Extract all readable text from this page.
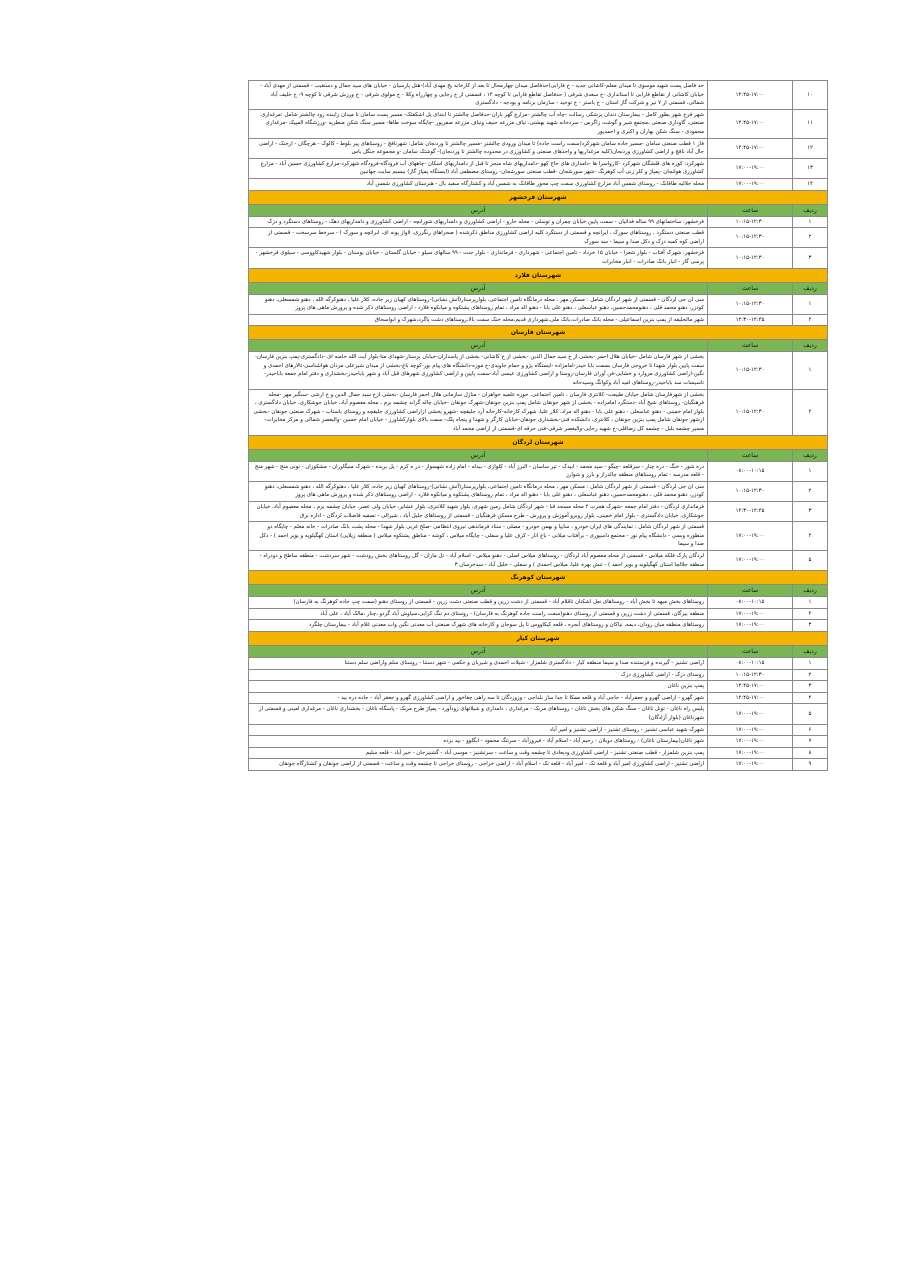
۱۰	۱۴:۴۵-۱۷:۰۰	حد فاصل پست شهید موسوی تا میدان معلم-کاشانی جدید - خ فارابی(حدفاصل میدان چهارمحال تا بعد از کارخانه یخ مهدی آباد)-هتل پارسیان - خیابان های سید جمال و دستغیب - قسمتی از مهدی آباد - خیابان کاشانی از تقاطع فارابی تا استانداری -خ سعدی شرقی ( حدفاصل تقاطع فارابی تا کوچه ۱۴ ، قسمتی از خ رجایی و چهارراه وکلا - خ مولوی شرقی - خ ورزش شرقی تا کوچه ۹- خ خلیف آباد شمالی، قسمتی از ۷ تیر و شرکت گاز استان - خ باستر - خ توحید - سازمان برنامه و بودجه - دادگستری
۱۱	۱۴:۴۵-۱۷:۰۰	شهر فرخ شهر بطور کامل - بیمارستان دندان پزشکی رسالت -چاه آب چالشتر -مزارع گهر باران-حدفاصل چالشتر تا ابتدای پل اشکفتک- مسیر پست سامان تا میدان زاینده رود چالشتر شامل :مرغداری صنعتی، گاوداری صنعتی ،مجتمع شیر و گوشت زاگرس - سردخانه شهید بهشتی، تیاف مزرعه حنیف وتیاف مزرعه صفرپور -چایگاه سوخت طاها- مسیر سنگ شکن منظریه -ورزشگاه المپیک -مرغداری محمودی - سنگ شکن بهاران و اکبری و احمدپور
۱۲	۱۴:۴۵-۱۷:۰۰	فاز ۱ قطب صنعتی سامان -مسیر جاده سامان شهرکرد(سمت راست جاده) تا میدان ورودی چالشتر -مسیر چالشتر تا وردنجان شامل: شهرنافچ - روستاهای پیر بلوط - کالوک - هرچگان - ارجنک - اراضی جال آباد نافچ و اراضی کشاورزی وردنجان(کلیه مرغداریها و واحدهای صنعتی و کشاورزی در محدوده چالشتر تا وردنجان)- گوشتک سامان -و مجموعه جنگل یاس
۱۳	۱۷:۰۰-۱۹:۰۰	شهرکرد: کوره های قلشگان شهرکرد -کارواسرا ها -دامداری های حاج کهو -دامداریهای شاه منجر تا قبل از دامداریهای اسکان -چاههای آب فرودگاه-فرودگاه شهرکرد-مزارع کشاورزی حسین آباد - مزارع کشاورزی هولنجان -پمپاژ و کلر زنی آب کوهرنگ -شهر سورشجان -قطب صنعتی سورشجان- روستای مصطفی آباد (ایستگاه پمپاژ گاز) بیسیم سایت جهانبین
۱۴	۱۷:۰۰-۱۹:۰۰	محله جلالیه طاقانک - روستای شمس آباد مزارع کشاورزی سمت چپ محور طاقانک به شمس آباد و کشتارگاه سفید بال - هنرستان کشاورزی شمس آباد
شهرستان فرخشهر		
ردیف	ساعت	آدرس
۱	۱۰:۱۵-۱۲:۳۰	فرخشهر: ساختمانهای ۹۹ ساله فدائیان - سمت پایین خیابان چمران و توسلی - محله خارو - اراضی کشاورزی و دامداریهای شورابچه - اراضی کشاورزی و دامداریهای دهک - روستاهای دستگرد و دزک
۲	۱۰:۱۵-۱۲:۳۰	قطب صنعتی دستگرد ، روستاهای سورک ، ایرانچه و قسمتی از دستگرد کلیه اراضی کشاورزی مناطق ذکرشده ( صحراهای رنگرزی، لاواز پونه ای، ابراتچه و سورک ) - سرخط سرسخت - قسمتی از اراضی کوه کمبه دزک و دکل صدا و سیما - سد سورک
۳	۱۰:۱۵-۱۲:۳۰	فرخشهر: شهرک آفتاب - بلوار شعرا - خیابان ۱۵ خرداد - تامین اجتماعی - شهرداری - فرمانداری - بلوار جنت - ۹۹ سالهای سیلو - خیابان گلستان - خیابان بوستان - بلوار شهیدکاووسی - سیلوی فرخشهر - پرسی گاز - انبار بانک صادرات - انبار مخابرات
شهرستان فلارد		
ردیف	ساعت	آدرس
۱	۱۰:۱۵-۱۲:۳۰	سی ان جی لردگان - قسمتی از شهر لردگان شامل : مسکن مهر ، محله درمانگاه تامین اجتماعی، بلوارپرستار(آتش نشانی)-روستاهای کهیان زیر جاده، کلار علیا ، دهنوکرگه الله ، دهنو شمسعلی، دهنو کودزر، دهنو محمد قلی ، دهنومحمدحسین، دهنو عباسعلی ، دهنو علی بابا - دهنو اله مراد ، تمام روستاهای پشتکوه و میانکوه فلارد - اراضی روستاهای ذکر شده و پرورش ماهی های پروز
۲	۱۲:۳۰-۱۴:۴۵	شهر مالخلیفه از پمپ بنزین اسماعیلی - محله بانک صادرات،بانک ملی،شهرداری قدیم،محله خنک سمت بالا،روستاهای دشت پاگرد،شهرک و ابواسحاق
شهرستان فارسان		
ردیف	ساعت	آدرس
۱	۱۰:۱۵-۱۲:۳۰	بخشی از شهر فارسان شامل -خیابان هلال احمر -بخشی از خ سید جمال الدین -بخشی از خ کاشانی- بخشی از پاسداران-خیابان پرستار-شهدای متا-بلوار آیت الله خامنه ای -دادگستری-پمپ بنزین فارسان-سمت پایین بلوار شهدا تا خروجی فارسان بسمت بابا حیدر-امامزاده -ایستگاه پژو و حمام جاویدی-خ موزه-دانشگاه های پیام نور-کوچه باغ-بخشی از میدان شیرعلی مردان هواشناسی-تالارهای احمدی و نگین-اراضی کشاورزی مروارد و خشایی-فن آوران فارسان-روستا و اراضی کشاورزی عیسی آباد-سمت پایین و اراضی کشاورزی شهرهای قبل آباد و شهر باباحیدر-بخشداری و دفتر امام جمعه باباحیدر-تاسیسات سد باباحیدر-روستاهای امید آباد وکوانگ وسیدحانه
۲	۱۰:۱۵-۱۲:۳۰	بخشی از شهرفارسان شامل خیابان طبیعت- کلانتری فارسان ، تامین اجتماعی، حوزه علمیه خواهران - منازل سازمانی هلال احمر فارسان -بخشی ازخ سید جمال الدین و خ ارشی -سنگبر مهر -محله فرهنگیان- روستاهای شیخ آباد -دستگرد امامزاده - بخشی از شهر جونقان شامل پمپ بنزین جونقان-شهرک جونقان -خیابان چاله گراند چشمه برم ، محله معصوم آباد، خیابان جوشکاری، خیابان دادگستری ، بلوار امام خمینی - دهنو عباسعلی - دهنو علی بابا - دهنو اله مراد، کلار علیا، شهرک کارخانه-کارخانه آرد جلیقچه -شهرو بخشی ازاراضی کشاورزی جلیقچه و روستای باستاب - شهرک صنعتی جونقان -بخشی ازشهر جونقان شامل پمپ بنزین جونقان ، کلانتری، دانشکده فنی-بخشداری جونقان-خیابان کارگر و شهدا و پنجاه پلک- سمت بالای بلوارکشاورز - خیابان امام حسین -والیعصر شمالی و مرکز مخابرات- مسیر چشمه بلبل - چشمه کل رضاقلی-خ شهید رجایی-والیعصر شرقی-فنی حرفه ای-قسمتی از اراضی محمد آباد
شهرستان لردگان		
ردیف	ساعت	آدرس
۱	۰۸:۰۰-۱۰:۱۵	دره شور - خنگ - دره چنار - سرقلعه -چیگو - سید محمد - ابیدک - تیر ساسان - البرز آباد - کلوازی - بیدله - امام زاده شهسوار - در ه کرم - پل بریده - شهرک منیگاوران - مشکوزان - نونی منج - شهر منج - قلعه مدرسه - تمام روستاهای منطقه چالدراز و بارز و شوارز
۲	۱۰:۱۵-۱۲:۳۰	سی ان جی لردگان - قسمتی از شهر لردگان شامل : مسکن مهر ، محله درمانگاه تامین اجتماعی، بلوارپرستار(آتش نشانی)-روستاهای کهیان زیر جاده، کلار علیا ، دهنوکرگه الله ، دهنو شمسعلی، دهنو کودزر، دهنو محمد قلی ، دهنومحمدحسین، دهنو عباسعلی ، دهنو علی بابا - دهنو اله مراد ، تمام روستاهای پشتکوه و میانکوه فلارد - اراضی روستاهای ذکر شده و پرورش ماهی های پروز
۳	۱۲:۳۰-۱۴:۴۵	فرمانداری لردگان - دفتر امام جمعه -شهرک هجرت ۲ محله مسجد قبا - شهر لردگان شامل زمین شهری، بلوار شهید کلانتری، بلوار عشایر، خیابان ولی عصر، خیابان چشمه برم ، محله معصوم آباد، خیابان جوشکاری، خیابان دادگستری - بلوار امام خمینی، بلوار روبرو آموزش و پرورش - طرح مسکن فرهنگیان - قسمتی از روستاهای جلیل آباد ، شیرالی - تصفیه فاضلاب لردگان - اداره برق
۴	۱۷:۰۰-۱۹:۰۰	قسمتی از شهر لردگان شامل : نمایندگی های ایران خودرو ، سایپا و بهمن خودرو - مصلی - ستاد فرماندهی نیروی انتظامی -صلح غربی بلوار شهدا - محله پشت بانک صادرات - خانه معلم - چایگاه دو منظوره وبسی - دانشگاه پیام نور - مجتمع داسپوری - برآفتاب میلانی - باغ انار - کرف علیا و سفلی - چایگاه میلاس ، کوشه - مناطق پشتکوه میلاس ( منطقه زیلایی) استان کهگیلویه و بویر احمد ) - دکل صدا و سیما
۵	۱۷:۰۰-۱۹:۰۰	لردگان پارک فلکه میلاس - قسمتی از محله معصوم آباد لردگان - روستاهای میلاس اصلی - دهنو میلاس - اسلام آباد - تل ماران - گل روستاهای بخش رودشت - شهر سردشت - منطقه ساطح و دودراه - منطقه جلالجا استان کهگیلویه و بویر احمد ) - تنش بهره علیا، میلاس احمدی ) و سفلی - خلیل آباد - سدخرسان ۳
شهرستان کوهرنگ		
ردیف	ساعت	آدرس
۱	۰۸:۰۰-۱۰:۱۵	روستاهای بخش میهه تا بخش آباد - روستاهای نعل اشکنان تاقلام آباد - قسمتی از دشت زرین و قطب صنعتی دشت زرین - قسمتی از روستای دهنو (سمت چپ جاده کوهرنگ به فارسان)
۲	۱۷:۰۰-۱۹:۰۰	منطقه بیرگان، قسمتی از دشت زرین و قسمتی از روستای دهنو(سمت راست جاده کوهرنگ به فارسان) - روستای دم تنگ کرابی،سیاوش آباد گردو ،چنار ،مالک آباد ، علی آباد
۳	۱۷:۰۰-۱۹:۰۰	روستاهای منطقه میان رودان، دیمه، نیاکان و روستاهای آبجره ، قلعه کیکاووس تا پل سوجان و کارخانه های شهرک صنعتی آب معدنی نگین واب معدنی غلام آباد - بیمارستان چلگرد
شهرستان کیار		
ردیف	ساعت	آدرس
۱	۰۸:۰۰-۱۰:۱۵	اراضی تشنیز - گیرنده و فرستنده صدا و سیما منطقه کیار - دادگستری شلمزار - شیلات احمدی و شیربان و حکمی - شهر دستنا - روستای سلم واراضی سلم دستنا
۲	۱۰:۱۵-۱۲:۳۰	روستای دزک - اراضی کشاورزی دزک
۳	۱۴:۴۵-۱۷:۰۰	پمپ بنزین ناغان
۴	۱۴:۴۵-۱۷:۰۰	شهر گهرو - اراضی گهرو و جعفرآباد - حاجی آباد و قلعه ممکا تا جدا ساز بلداجی - وزوردگان تا سه راهی چغاخور و اراضی کشاورزی گهرو و جعفر آباد - جاده دره بید -
۵	۱۷:۰۰-۱۹:۰۰	پلیس راه ناغان - تونل ناغان - سنگ شکن های بخش ناغان - روستاهای مربک - مرغداری ، دامداری و شیلاتهای زودآورد - پمپاژ طرح مربک - پاسگاه ناغان - بخشداری ناغان - مرغداری امینی و قسمتی از شهرناغان (بلوار آزادگان)
۶	۱۷:۰۰-۱۹:۰۰	شهرک شهید عباسی تشنیز - روستای تشنیز - اراضی تشنیز و امیر آباد
۷	۱۷:۰۰-۱۹:۰۰	شهر ناغان(بیمارستان ناغان) - روستاهای دوبلان - رحیم آباد - اسلام آباد - فیروزآباد - سرتنگ محمود - ابگلوو - بید برده
۸	۱۷:۰۰-۱۹:۰۰	پمپ بنزین شلمزار - قطب صنعتی تشنیز - اراضی کشاورزی ودیعادی تا چشمه وقت و ساعت - سرتشنیز - موسی آباد - گشنیزجان - خیر آباد - قلعه سلیم
۹	۱۷:۰۰-۱۹:۰۰	اراضی تشنیز - اراضی کشاورزی امیر آباد و قلعه تک - امیر آباد - قلعه تک - اسلام آباد - اراضی خراجی - روستای خراجی تا چشمه وقت و ساعت - قسمتی از اراضی جونقان و کشتارگاه جونقان
